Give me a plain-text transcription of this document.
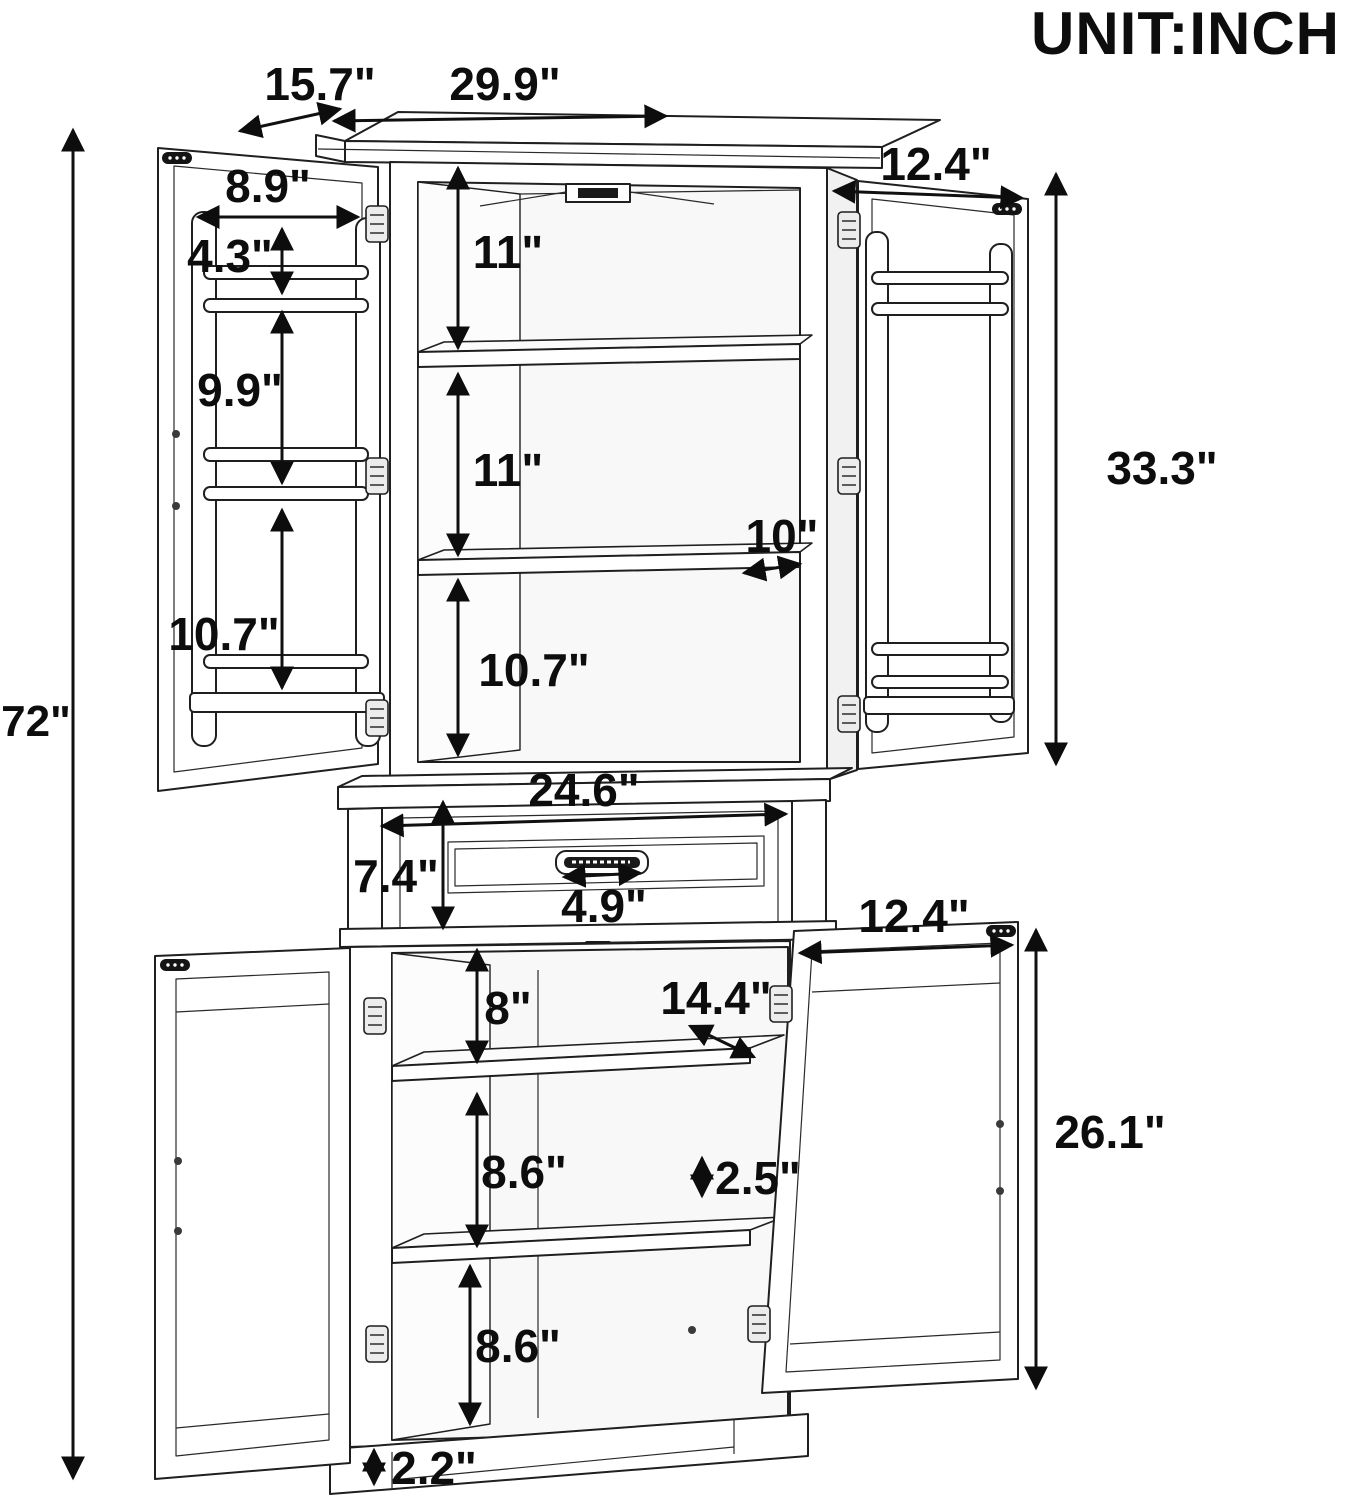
UNIT:INCH
72"
15.7" 29.9"
8.9"
4.3"
9.9"
10.7"
11"
11"
10"
10.7"
12.4"
33.3"
24.6"
7.4"
4.9"
8"	14.4"
8.6"	2.5"
8.6"
12.4"
26.1"
2.2"
